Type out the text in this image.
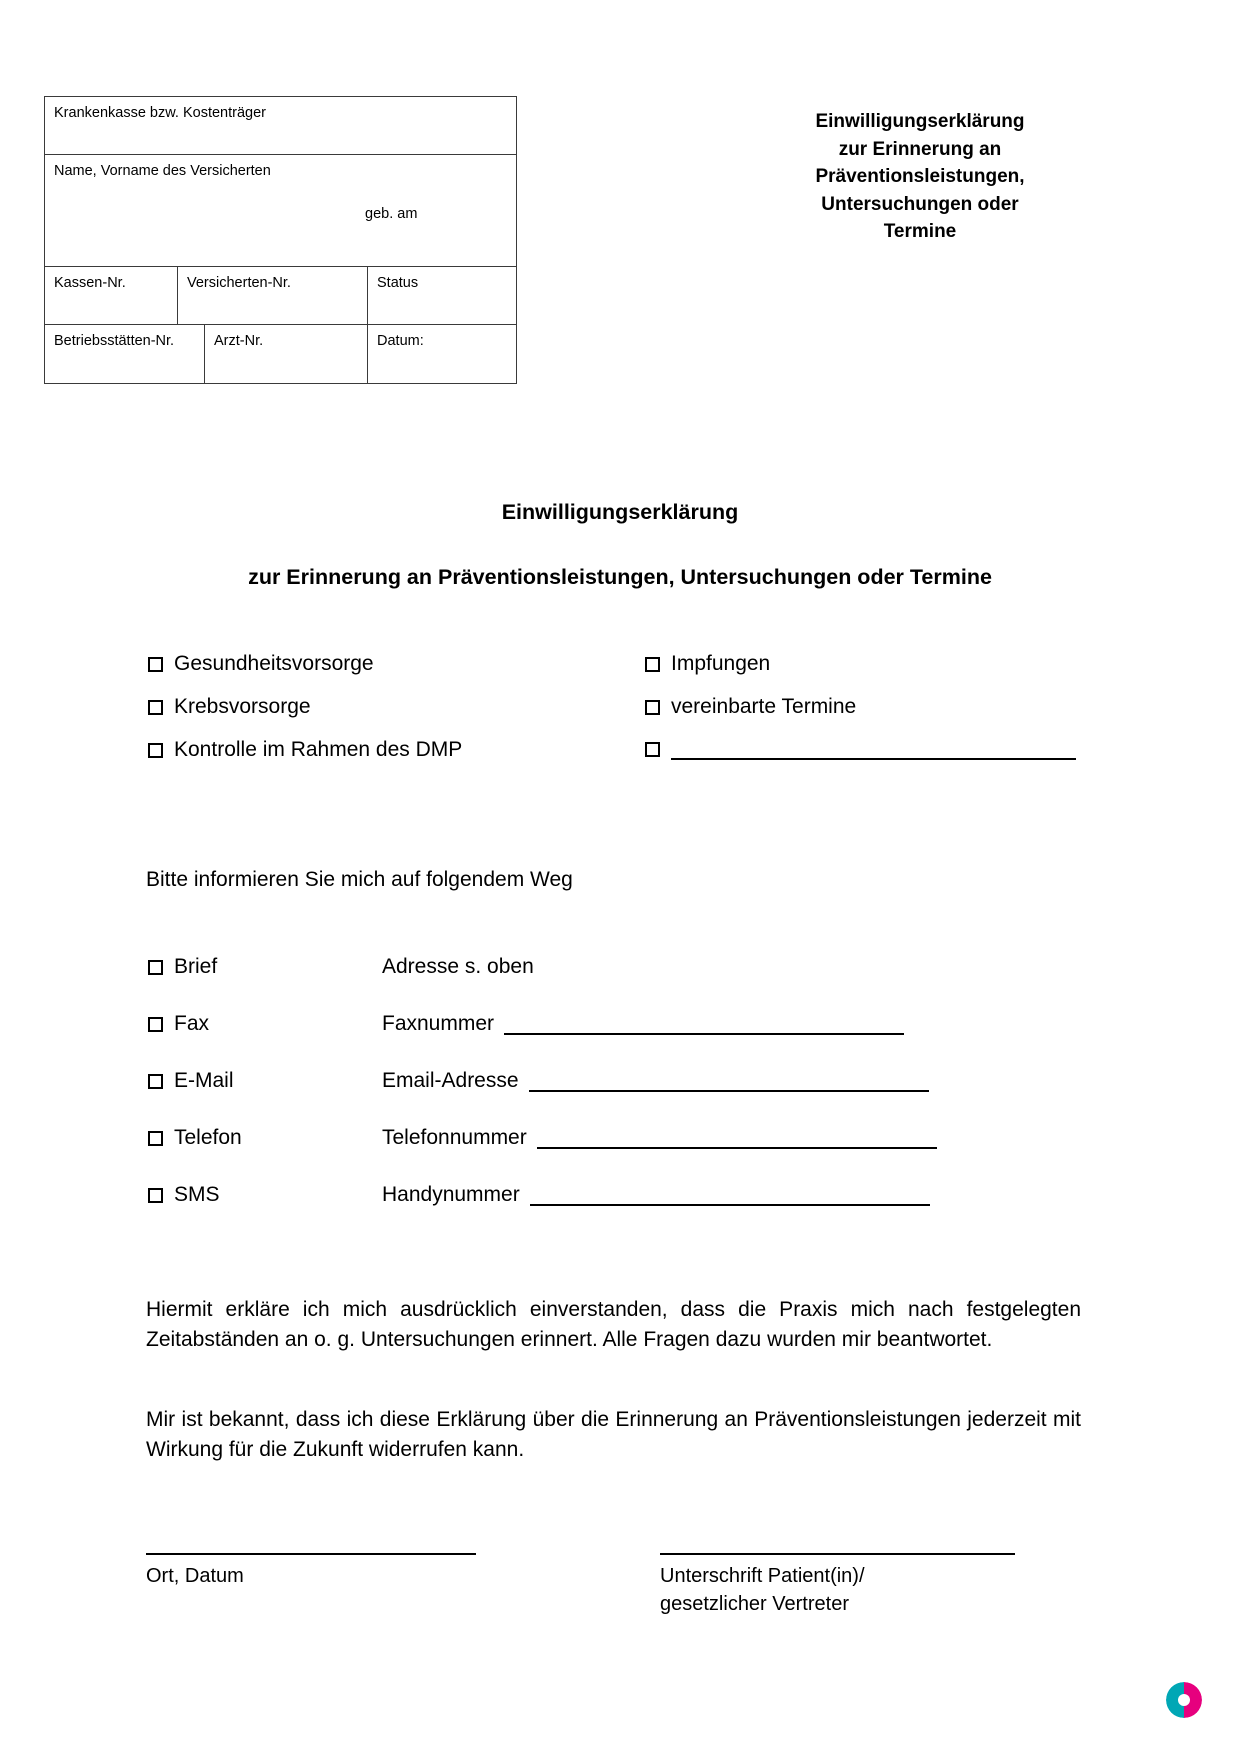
Krankenkasse bzw. Kostenträger
Name, Vorname des Versicherten
geb. am
Kassen-Nr.	Versicherten-Nr.	Status
Betriebsstätten-Nr.	Arzt-Nr.	Datum:
Einwilligungserklärung
zur Erinnerung an
Präventionsleistungen,
Untersuchungen oder
Termine
Einwilligungserklärung
zur Erinnerung an Präventionsleistungen, Untersuchungen oder Termine
Gesundheitsvorsorge
Krebsvorsorge
Kontrolle im Rahmen des DMP
Impfungen
vereinbarte Termine
Bitte informieren Sie mich auf folgendem Weg
Brief	Adresse s. oben
Fax	Faxnummer
E-Mail	Email-Adresse
Telefon	Telefonnummer
SMS	Handynummer
Hiermit erkläre ich mich ausdrücklich einverstanden, dass die Praxis mich nach festgelegten Zeitabständen an o. g. Untersuchungen erinnert. Alle Fragen dazu wurden mir beantwortet.
Mir ist bekannt, dass ich diese Erklärung über die Erinnerung an Präventionsleistungen jederzeit mit Wirkung für die Zukunft widerrufen kann.
Ort, Datum	Unterschrift Patient(in)/
gesetzlicher Vertreter
